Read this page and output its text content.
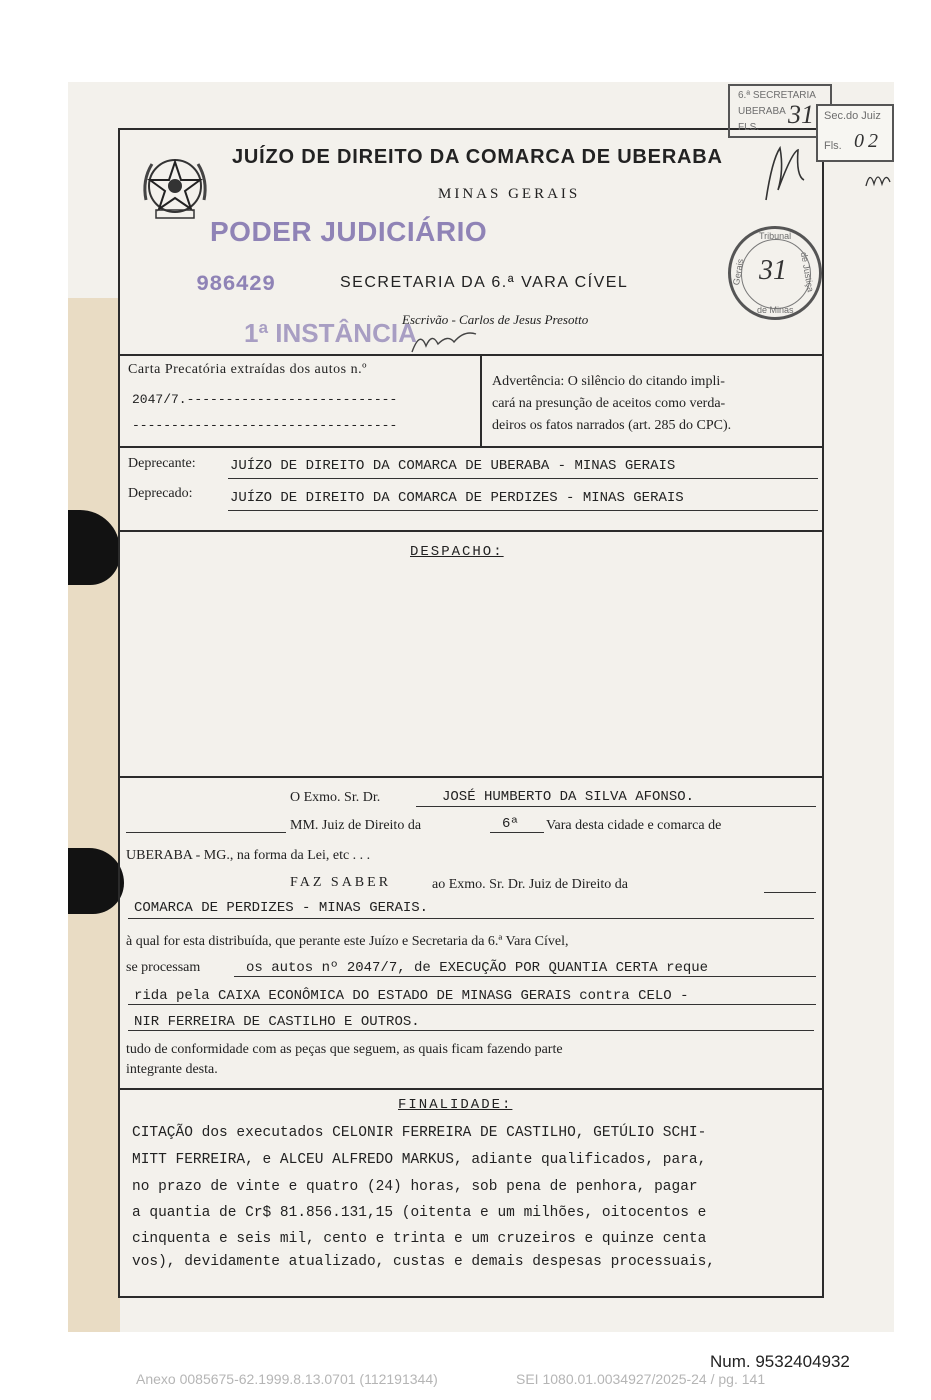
JUÍZO DE DIREITO DA COMARCA DE UBERABA
MINAS GERAIS
SECRETARIA DA 6.ª VARA CÍVEL
Escrivão - Carlos de Jesus Presotto
PODER JUDICIÁRIO
986429
1ª INSTÂNCIA
6.ª SECRETARIA
UBERABA
FLS. 31 Sec.do Juiz
Fls. 02
Tribunal
Gerais	de Justiça
de Minas
31
Carta Precatória extraídas dos autos n.º
2047/7.---------------------------
----------------------------------
Advertência: O silêncio do citando impli-
cará na presunção de aceitos como verda-
deiros os fatos narrados (art. 285 do CPC).
Deprecante: JUÍZO DE DIREITO DA COMARCA DE UBERABA - MINAS GERAIS
Deprecado:	JUÍZO DE DIREITO DA COMARCA DE PERDIZES - MINAS GERAIS
DESPACHO:
O Exmo. Sr. Dr.	JOSÉ HUMBERTO DA SILVA AFONSO.
MM. Juiz de Direito da	6ª Vara desta cidade e comarca de
UBERABA - MG., na forma da Lei, etc . . .
FAZ SABER	ao Exmo. Sr. Dr. Juiz de Direito da
COMARCA DE PERDIZES - MINAS GERAIS.
à qual for esta distribuída, que perante este Juízo e Secretaria da 6.ª Vara Cível,
se processam	os autos nº 2047/7, de EXECUÇÃO POR QUANTIA CERTA reque
rida pela CAIXA ECONÔMICA DO ESTADO DE MINASG GERAIS contra CELO -
NIR FERREIRA DE CASTILHO E OUTROS.
tudo de conformidade com as peças que seguem, as quais ficam fazendo parte
integrante desta.
FINALIDADE:
CITAÇÃO dos executados CELONIR FERREIRA DE CASTILHO, GETÚLIO SCHI-
MITT FERREIRA, e ALCEU ALFREDO MARKUS, adiante qualificados, para,
no prazo de vinte e quatro (24) horas, sob pena de penhora, pagar
a quantia de Cr$ 81.856.131,15 (oitenta e um milhões, oitocentos e
cinquenta e seis mil, cento e trinta e um cruzeiros e quinze centa
vos), devidamente atualizado, custas e demais despesas processuais,
Num. 9532404932
Anexo 0085675-62.1999.8.13.0701 (112191344)	SEI 1080.01.0034927/2025-24 / pg. 141
